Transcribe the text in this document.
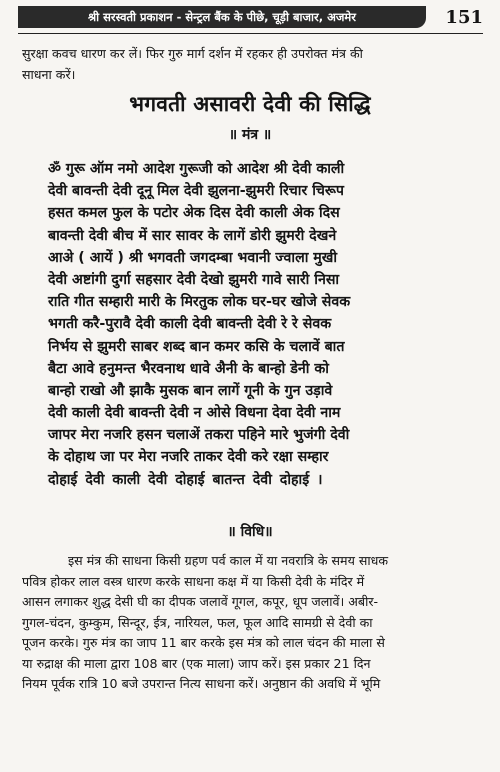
श्री सरस्वती प्रकाशन - सेन्ट्रल बैंक के पीछे, चूड़ी बाजार, अजमेर	151
सुरक्षा कवच धारण कर लें। फिर गुरु मार्ग दर्शन में रहकर ही उपरोक्त मंत्र की
साधना करें।
भगवती असावरी देवी की सिद्धि
॥ मंत्र ॥
ॐ गुरू ऑम नमो आदेश गुरूजी को आदेश श्री देवी काली
देवी बावन्ती देवी दूनू मिल देवी झुलना-झुमरी रिचार चिरूप
हसत कमल फुल के पटोर अेक दिस देवी काली अेक दिस
बावन्ती देवी बीच में सार सावर के लागें डोरी झुमरी देखने
आअे ( आयें ) श्री भगवती जगदम्बा भवानी ज्वाला मुखी
देवी अष्टांगी दुर्गा सहसार देवी देखो झुमरी गावे सारी निसा
राति गीत सम्हारी मारी के मिरतुक लोक घर-घर खोजे सेवक
भगती करै-पुरावै देवी काली देवी बावन्ती देवी रे रे सेवक
निर्भय से झुमरी साबर शब्द बान कमर कसि के चलावें बात
बैटा आवे हनुमन्त भैरवनाथ धावे अैनी के बान्हो डेनी को
बान्हो राखो औ झाकै मुसक बान लागें गूनी के गुन उड़ावे
देवी काली देवी बावन्ती देवी न ओसे विधना देवा देवी नाम
जापर मेरा नजरि हसन चलाअें तकरा पहिने मारे भुजंगी देवी
के दोहाथ जा पर मेरा नजरि ताकर देवी करे रक्षा सम्हार
दोहाई देवी काली देवी दोहाई बातन्त देवी दोहाई ।
॥ विधि॥
इस मंत्र की साधना किसी ग्रहण पर्व काल में या नवरात्रि के समय साधक
पवित्र होकर लाल वस्त्र धारण करके साधना कक्ष में या किसी देवी के मंदिर में
आसन लगाकर शुद्ध देसी घी का दीपक जलावें गूगल, कपूर, धूप जलावें। अबीर-
गुगल-चंदन, कुम्कुम, सिन्दूर, ईत्र, नारियल, फल, फूल आदि सामग्री से देवी का
पूजन करके। गुरु मंत्र का जाप 11 बार करके इस मंत्र को लाल चंदन की माला से
या रुद्राक्ष की माला द्वारा 108 बार (एक माला) जाप करें। इस प्रकार 21 दिन
नियम पूर्वक रात्रि 10 बजे उपरान्त नित्य साधना करें। अनुष्ठान की अवधि में भूमि
